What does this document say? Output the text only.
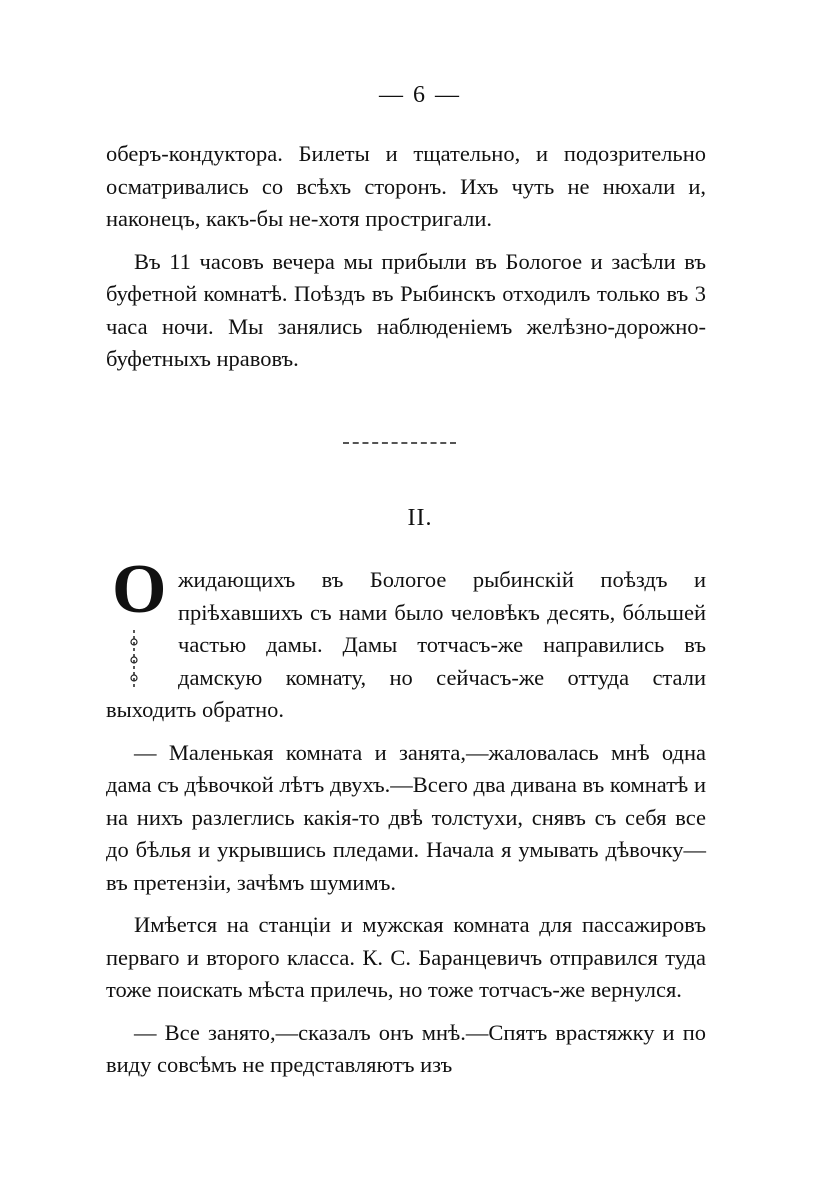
— 6 —

оберъ-кондуктора. Билеты и тщательно, и подозрительно осматривались со всѣхъ сторонъ. Ихъ чуть не нюхали и, наконецъ, какъ-бы не-хотя простригали.

Въ 11 часовъ вечера мы прибыли въ Бологое и засѣли въ буфетной комнатѣ. Поѣздъ въ Рыбинскъ отходилъ только въ 3 часа ночи. Мы занялись наблюденіемъ желѣзно-дорожно-буфетныхъ нравовъ.

II.

О жидающихъ въ Бологое рыбинскій поѣздъ и пріѣхавшихъ съ нами было человѣкъ десять, бóльшей частью дамы. Дамы тотчасъ-же направились въ дамскую комнату, но сейчасъ-же оттуда стали выходить обратно.

— Маленькая комната и занята,—жаловалась мнѣ одна дама съ дѣвочкой лѣтъ двухъ.—Всего два дивана въ комнатѣ и на нихъ разлеглись какія-то двѣ толстухи, снявъ съ себя все до бѣлья и укрывшись пледами. Начала я умывать дѣвочку— въ претензіи, зачѣмъ шумимъ.

Имѣется на станціи и мужская комната для пассажировъ перваго и второго класса. К. С. Баранцевичъ отправился туда тоже поискать мѣста прилечь, но тоже тотчасъ-же вернулся.

— Все занято,—сказалъ онъ мнѣ.—Спятъ врастяжку и по виду совсѣмъ не представляютъ изъ
